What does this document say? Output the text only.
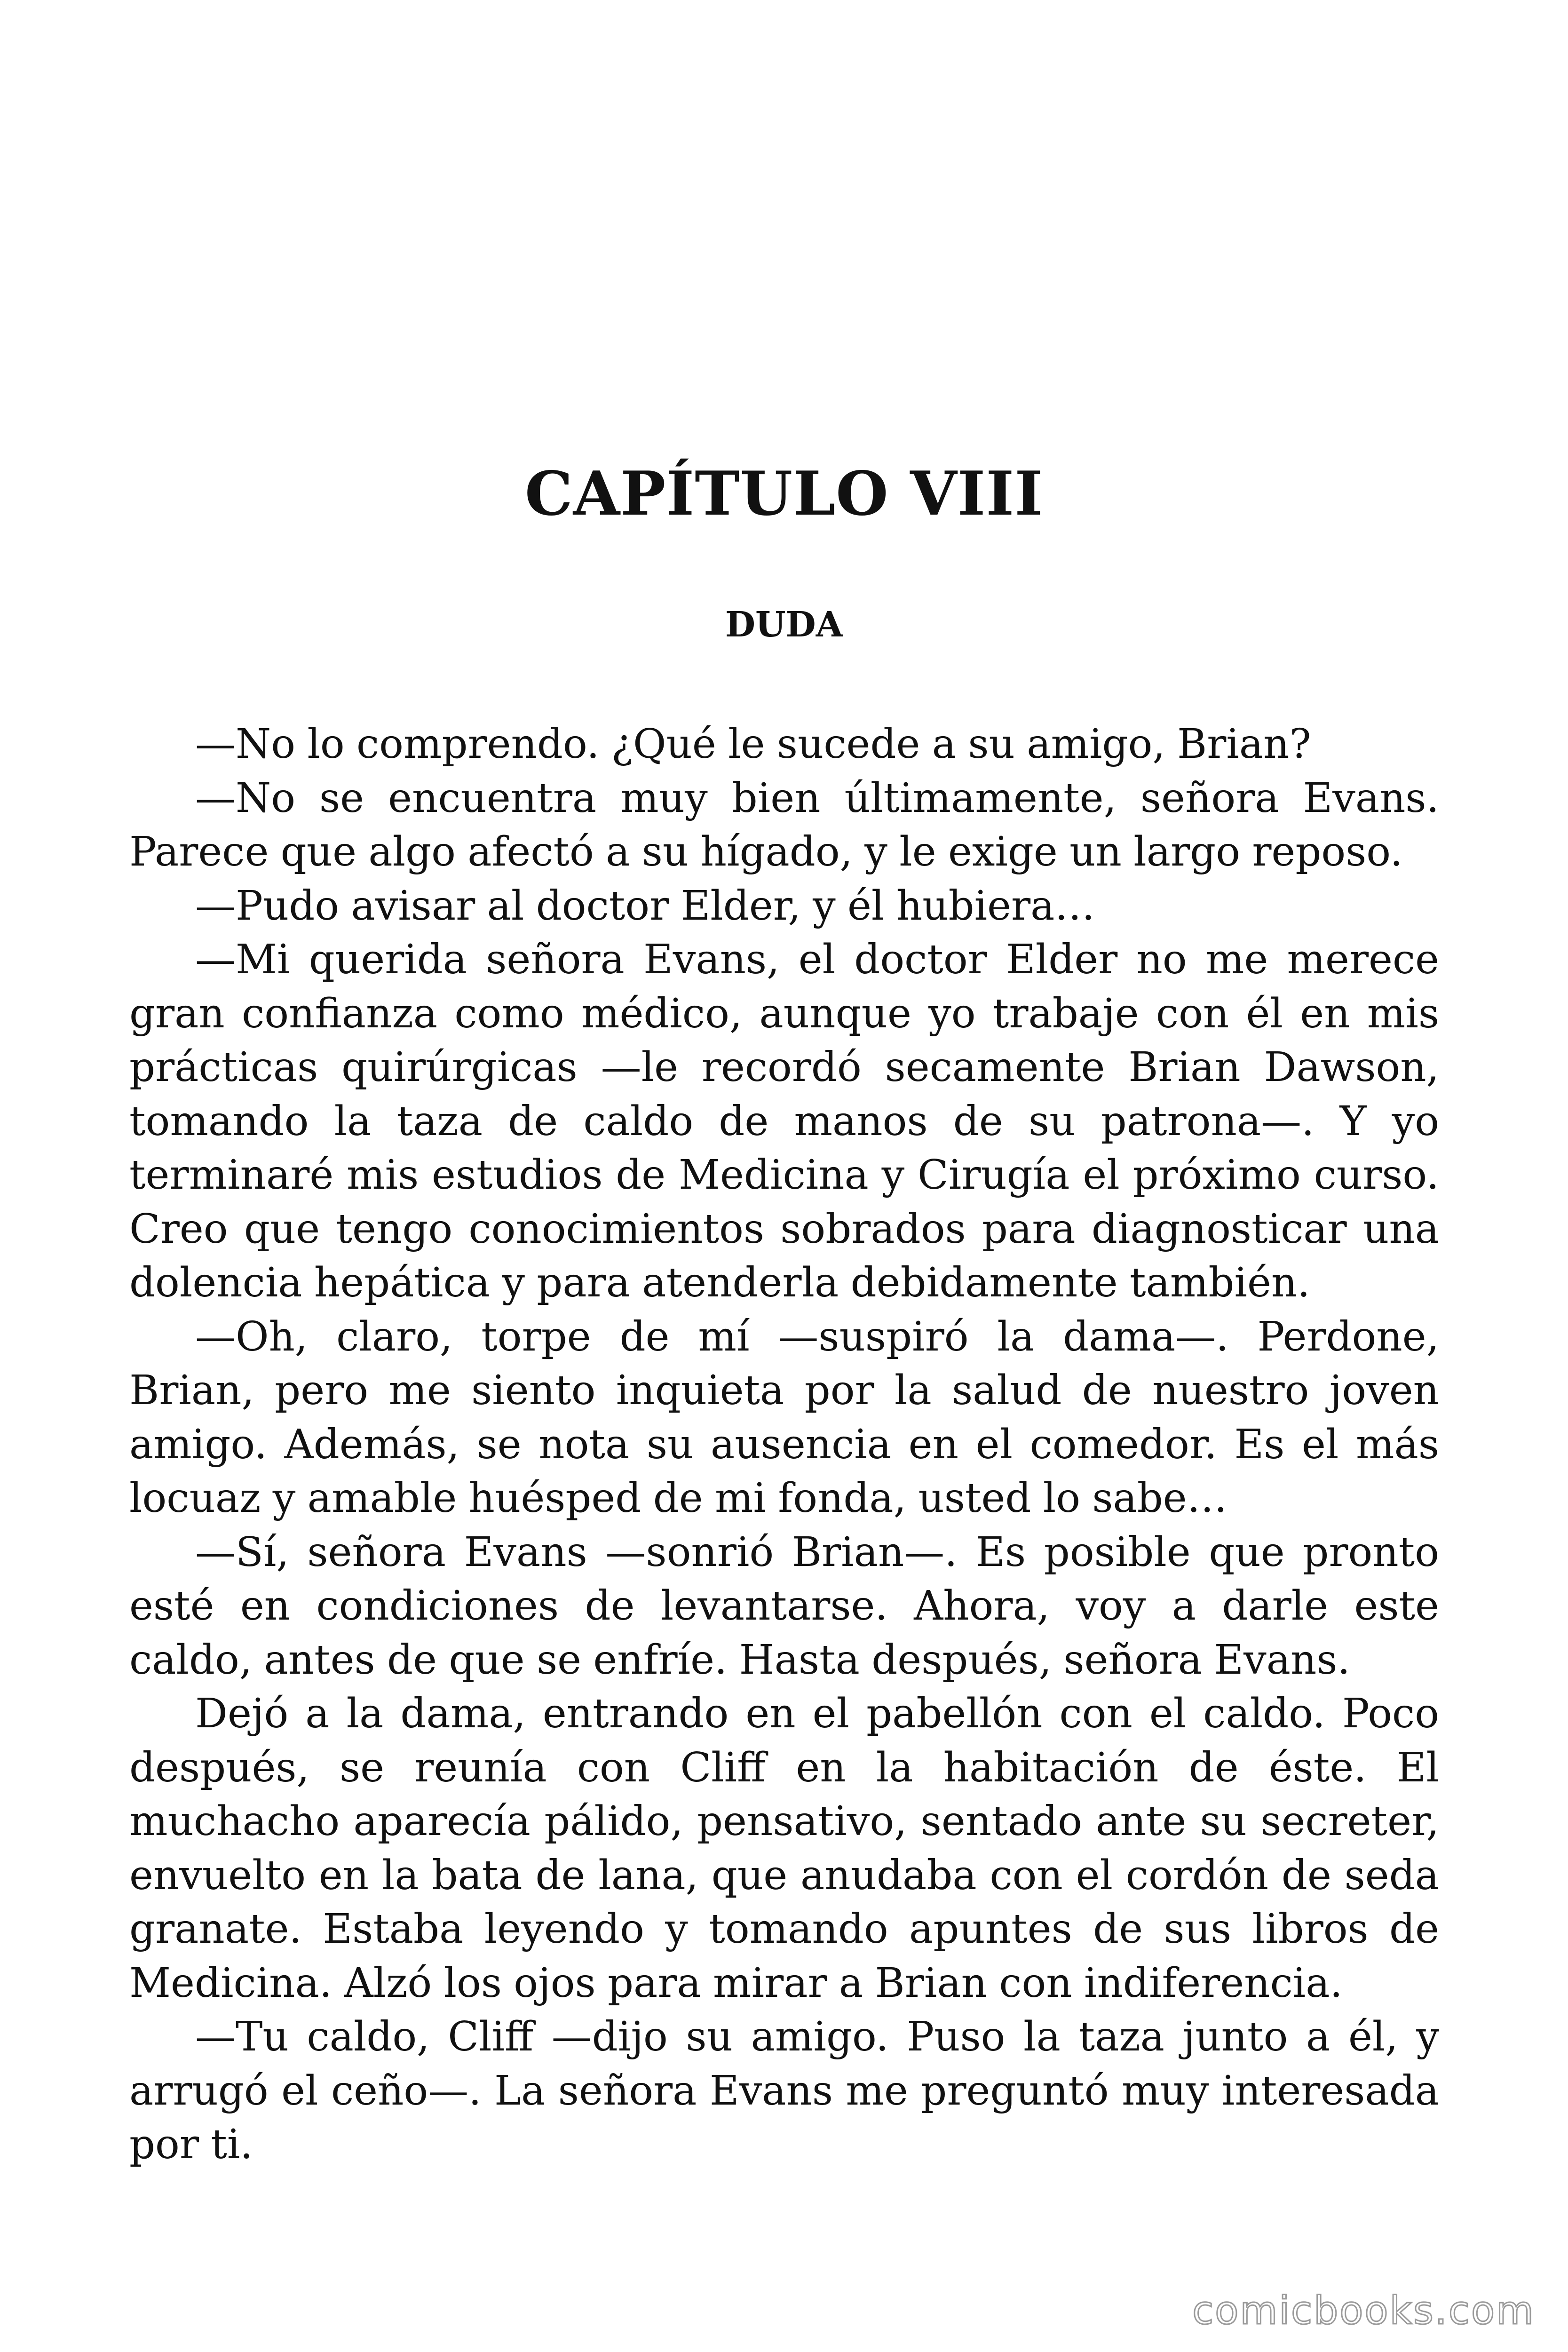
CAPÍTULO VIII
DUDA

—No lo comprendo. ¿Qué le sucede a su amigo, Brian?

—No se encuentra muy bien últimamente, señora Evans. Parece que algo afectó a su hígado, y le exige un largo reposo.

—Pudo avisar al doctor Elder, y él hubiera…

—Mi querida señora Evans, el doctor Elder no me merece gran confianza como médico, aunque yo trabaje con él en mis prácticas quirúrgicas —le recordó secamente Brian Dawson, tomando la taza de caldo de manos de su patrona—. Y yo terminaré mis estudios de Medicina y Cirugía el próximo curso. Creo que tengo conocimientos sobrados para diagnosticar una dolencia hepática y para atenderla debidamente también.

—Oh, claro, torpe de mí —suspiró la dama—. Perdone, Brian, pero me siento inquieta por la salud de nuestro joven amigo. Además, se nota su ausencia en el comedor. Es el más locuaz y amable huésped de mi fonda, usted lo sabe…

—Sí, señora Evans —sonrió Brian—. Es posible que pronto esté en condiciones de levantarse. Ahora, voy a darle este caldo, antes de que se enfríe. Hasta después, señora Evans.

Dejó a la dama, entrando en el pabellón con el caldo. Poco después, se reunía con Cliff en la habitación de éste. El muchacho aparecía pálido, pensativo, sentado ante su secreter, envuelto en la bata de lana, que anudaba con el cordón de seda granate. Estaba leyendo y tomando apuntes de sus libros de Medicina. Alzó los ojos para mirar a Brian con indiferencia.

—Tu caldo, Cliff —dijo su amigo. Puso la taza junto a él, y arrugó el ceño—. La señora Evans me preguntó muy interesada por ti.

comicbooks.com
